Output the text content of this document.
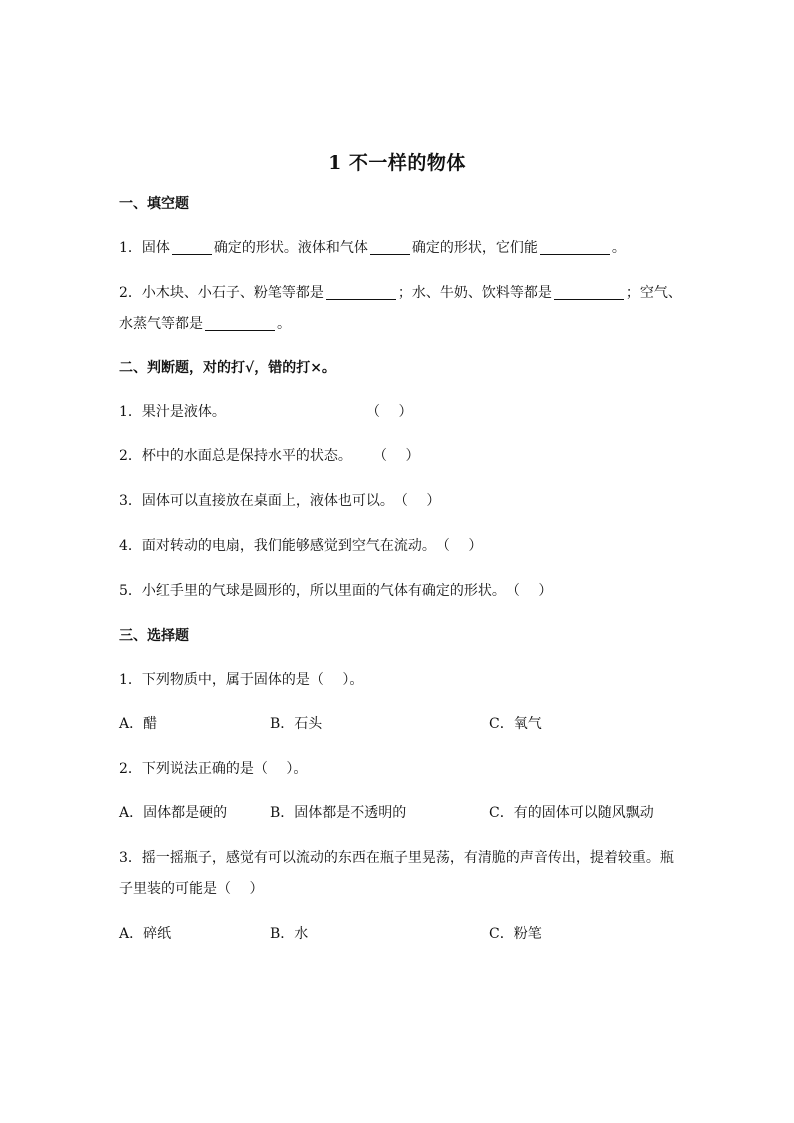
1 不一样的物体
一、填空题
1．固体	确定的形状。液体和气体	确定的形状，它们能	。
2．小木块、小石子、粉笔等都是	；水、牛奶、饮料等都是	；空气、
水蒸气等都是	。
二、判断题，对的打√，错的打×。
1．果汁是液体。	（　 ）
2．杯中的水面总是保持水平的状态。 （　 ）
3．固体可以直接放在桌面上，液体也可以。（　 ）
4．面对转动的电扇，我们能够感觉到空气在流动。（　 ）
5．小红手里的气球是圆形的，所以里面的气体有确定的形状。（　 ）
三、选择题
1．下列物质中，属于固体的是（　 ）。
A．醋	B．石头	C．氧气
2．下列说法正确的是（　 ）。
A．固体都是硬的	B．固体都是不透明的	C．有的固体可以随风飘动
3．摇一摇瓶子，感觉有可以流动的东西在瓶子里晃荡，有清脆的声音传出，提着较重。瓶
子里装的可能是（　 ）
A．碎纸	B．水	C．粉笔
